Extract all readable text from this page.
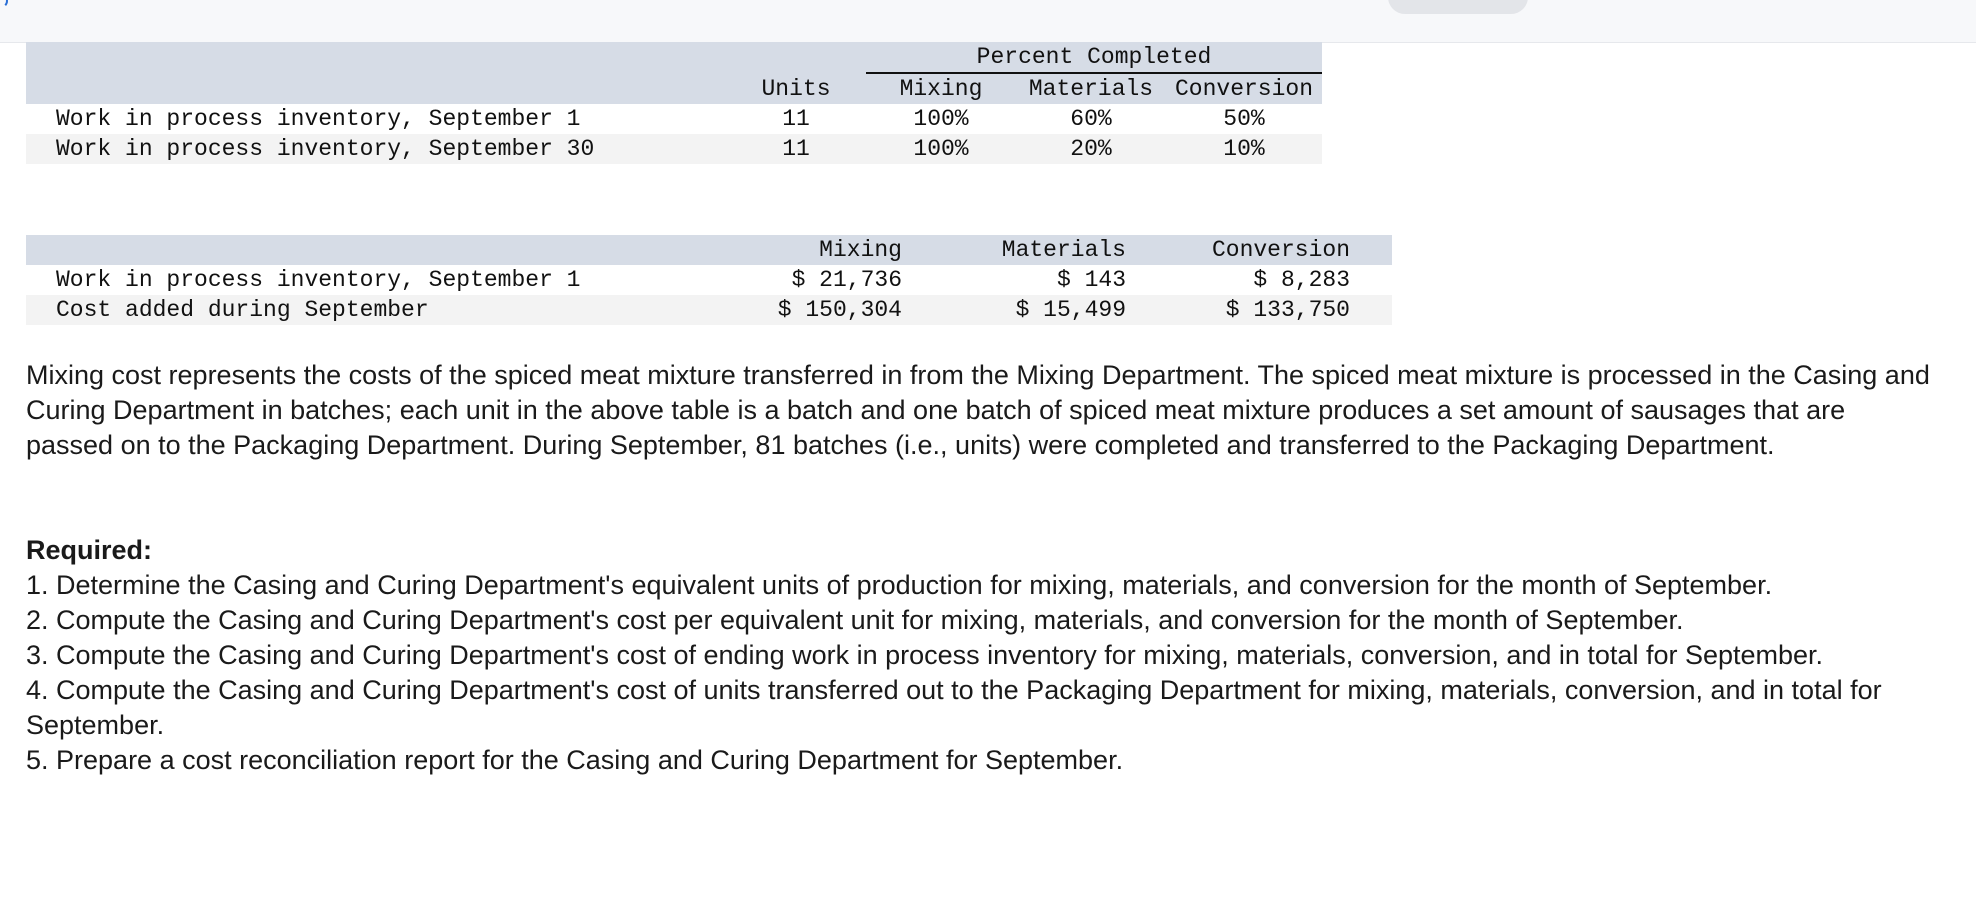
		Percent Completed		
	Units	Mixing	Materials	Conversion
Work in process inventory, September 1	11	100%	60%	50%
Work in process inventory, September 30	11	100%	20%	10%
	Mixing	Materials	Conversion	
Work in process inventory, September 1	$ 21,736	$ 143	$ 8,283	
Cost added during September	$ 150,304	$ 15,499	$ 133,750	

Mixing cost represents the costs of the spiced meat mixture transferred in from the Mixing Department. The spiced meat mixture is processed in the Casing and Curing Department in batches; each unit in the above table is a batch and one batch of spiced meat mixture produces a set amount of sausages that are passed on to the Packaging Department. During September, 81 batches (i.e., units) were completed and transferred to the Packaging Department.

Required:

1. Determine the Casing and Curing Department's equivalent units of production for mixing, materials, and conversion for the month of September.

2. Compute the Casing and Curing Department's cost per equivalent unit for mixing, materials, and conversion for the month of September.

3. Compute the Casing and Curing Department's cost of ending work in process inventory for mixing, materials, conversion, and in total for September.

4. Compute the Casing and Curing Department's cost of units transferred out to the Packaging Department for mixing, materials, conversion, and in total for September.

5. Prepare a cost reconciliation report for the Casing and Curing Department for September.
